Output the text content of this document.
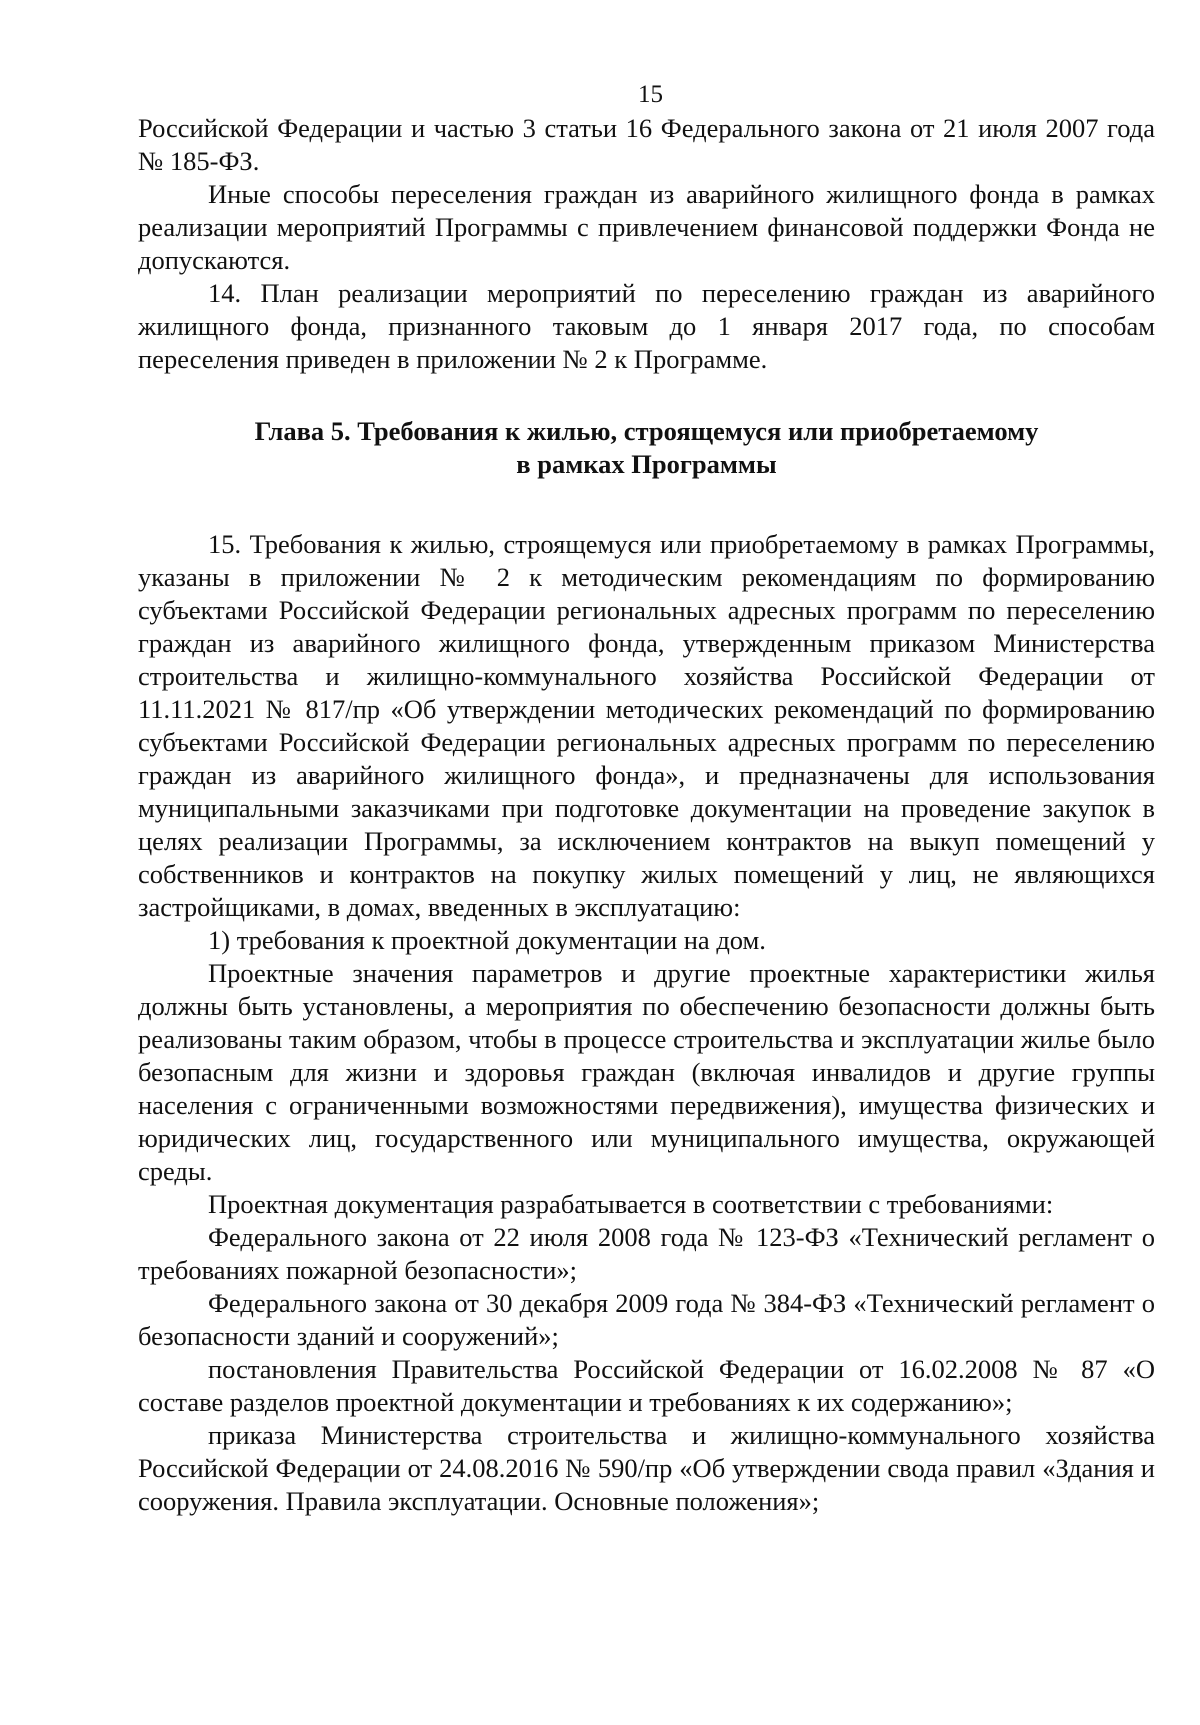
15

Российской Федерации и частью 3 статьи 16 Федерального закона от 21 июля 2007 года № 185-ФЗ.

Иные способы переселения граждан из аварийного жилищного фонда в рамках реализации мероприятий Программы с привлечением финансовой поддержки Фонда не допускаются.

14. План реализации мероприятий по переселению граждан из аварийного жилищного фонда, признанного таковым до 1 января 2017 года, по способам переселения приведен в приложении № 2 к Программе.

Глава 5. Требования к жилью, строящемуся или приобретаемому
в рамках Программы

15. Требования к жилью, строящемуся или приобретаемому в рамках Программы, указаны в приложении № 2 к методическим рекомендациям по формированию субъектами Российской Федерации региональных адресных программ по переселению граждан из аварийного жилищного фонда, утвержденным приказом Министерства строительства и жилищно-коммунального хозяйства Российской Федерации от 11.11.2021 № 817/пр «Об утверждении методических рекомендаций по формированию субъектами Российской Федерации региональных адресных программ по переселению граждан из аварийного жилищного фонда», и предназначены для использования муниципальными заказчиками при подготовке документации на проведение закупок в целях реализации Программы, за исключением контрактов на выкуп помещений у собственников и контрактов на покупку жилых помещений у лиц, не являющихся застройщиками, в домах, введенных в эксплуатацию:

1) требования к проектной документации на дом.

Проектные значения параметров и другие проектные характеристики жилья должны быть установлены, а мероприятия по обеспечению безопасности должны быть реализованы таким образом, чтобы в процессе строительства и эксплуатации жилье было безопасным для жизни и здоровья граждан (включая инвалидов и другие группы населения с ограниченными возможностями передвижения), имущества физических и юридических лиц, государственного или муниципального имущества, окружающей среды.

Проектная документация разрабатывается в соответствии с требованиями:

Федерального закона от 22 июля 2008 года № 123-ФЗ «Технический регламент о требованиях пожарной безопасности»;

Федерального закона от 30 декабря 2009 года № 384-ФЗ «Технический регламент о безопасности зданий и сооружений»;

постановления Правительства Российской Федерации от 16.02.2008 № 87 «О составе разделов проектной документации и требованиях к их содержанию»;

приказа Министерства строительства и жилищно-коммунального хозяйства Российской Федерации от 24.08.2016 № 590/пр «Об утверждении свода правил «Здания и сооружения. Правила эксплуатации. Основные положения»;
